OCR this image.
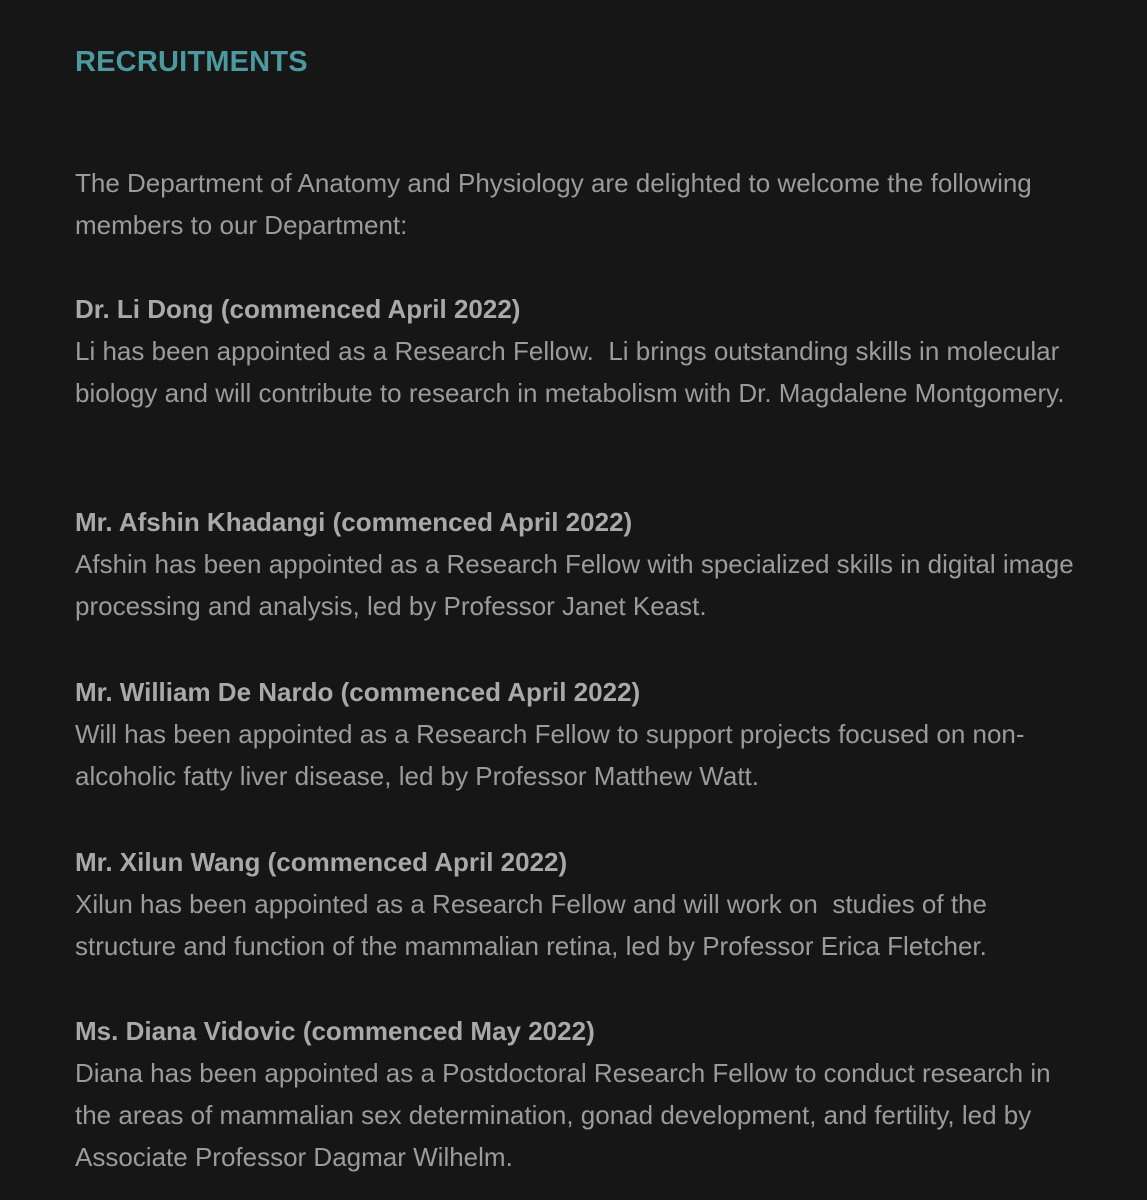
RECRUITMENTS

The Department of Anatomy and Physiology are delighted to welcome the following members to our Department:

Dr. Li Dong (commenced April 2022)

Li has been appointed as a Research Fellow.  Li brings outstanding skills in molecular biology and will contribute to research in metabolism with Dr. Magdalene Montgomery.

Mr. Afshin Khadangi (commenced April 2022)

Afshin has been appointed as a Research Fellow with specialized skills in digital image processing and analysis, led by Professor Janet Keast.

Mr. William De Nardo (commenced April 2022)

Will has been appointed as a Research Fellow to support projects focused on non-alcoholic fatty liver disease, led by Professor Matthew Watt.

Mr. Xilun Wang (commenced April 2022)

Xilun has been appointed as a Research Fellow and will work on  studies of the structure and function of the mammalian retina, led by Professor Erica Fletcher.

Ms. Diana Vidovic (commenced May 2022)

Diana has been appointed as a Postdoctoral Research Fellow to conduct research in the areas of mammalian sex determination, gonad development, and fertility, led by Associate Professor Dagmar Wilhelm.
